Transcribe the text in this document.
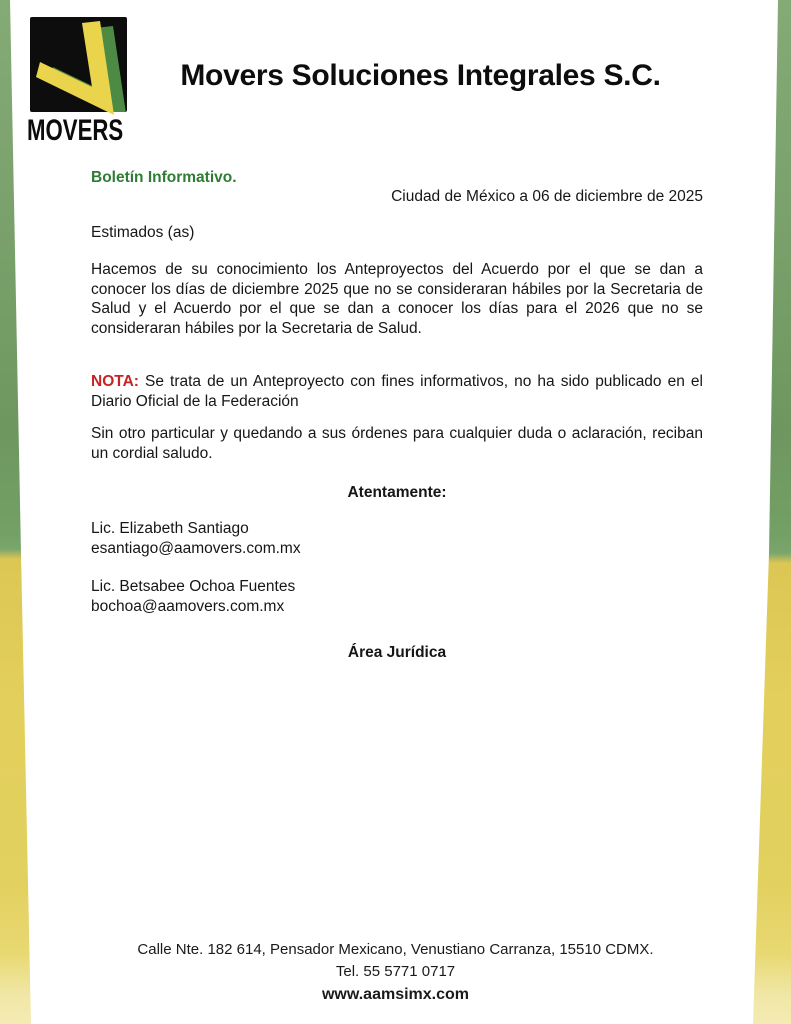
MOVERS
Movers Soluciones Integrales S.C.
Boletín Informativo.
Ciudad de México a 06 de diciembre de 2025
Estimados (as)
Hacemos de su conocimiento los Anteproyectos del Acuerdo por el que se dan a conocer los días de diciembre 2025 que no se consideraran hábiles por la Secretaria de Salud y el Acuerdo por el que se dan a conocer los días para el 2026 que no se consideraran hábiles por la Secretaria de Salud.
NOTA: Se trata de un Anteproyecto con fines informativos, no ha sido publicado en el Diario Oficial de la Federación
Sin otro particular y quedando a sus órdenes para cualquier duda o aclaración, reciban un cordial saludo.
Atentamente:
Lic. Elizabeth Santiago
esantiago@aamovers.com.mx
Lic. Betsabee Ochoa Fuentes
bochoa@aamovers.com.mx
Área Jurídica
Calle Nte. 182 614, Pensador Mexicano, Venustiano Carranza, 15510 CDMX.
Tel. 55 5771 0717
www.aamsimx.com
